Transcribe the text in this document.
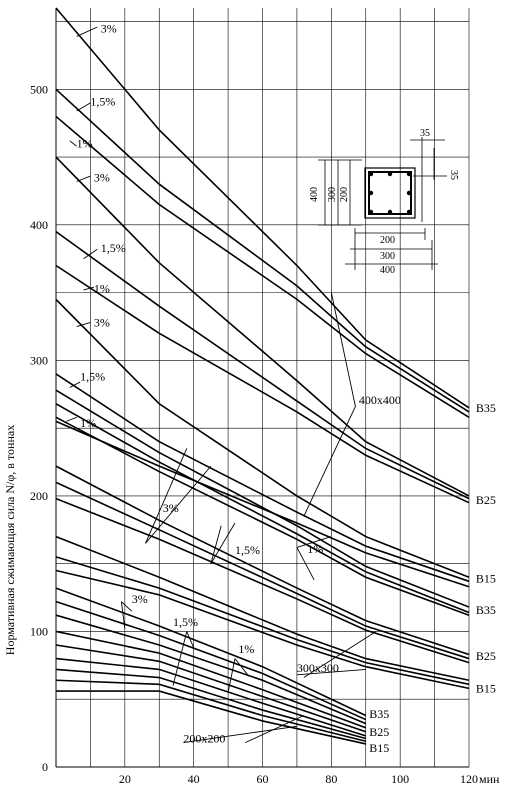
20	40	60	80	100	120
0
100
200
300
400
500
3%
1,5%
1%
3%
1,5%
1%
3%
1,5%
1%
3%
1,5%	1%
3%
1,5%
1%
400x400
300x300
200x200
B35
B25
B15
B35
B25
B15
B35
B25
B15
Нормативная сжимающая сила N/φ, в тоннах
мин
35
35
200
300
400
400 300 200
